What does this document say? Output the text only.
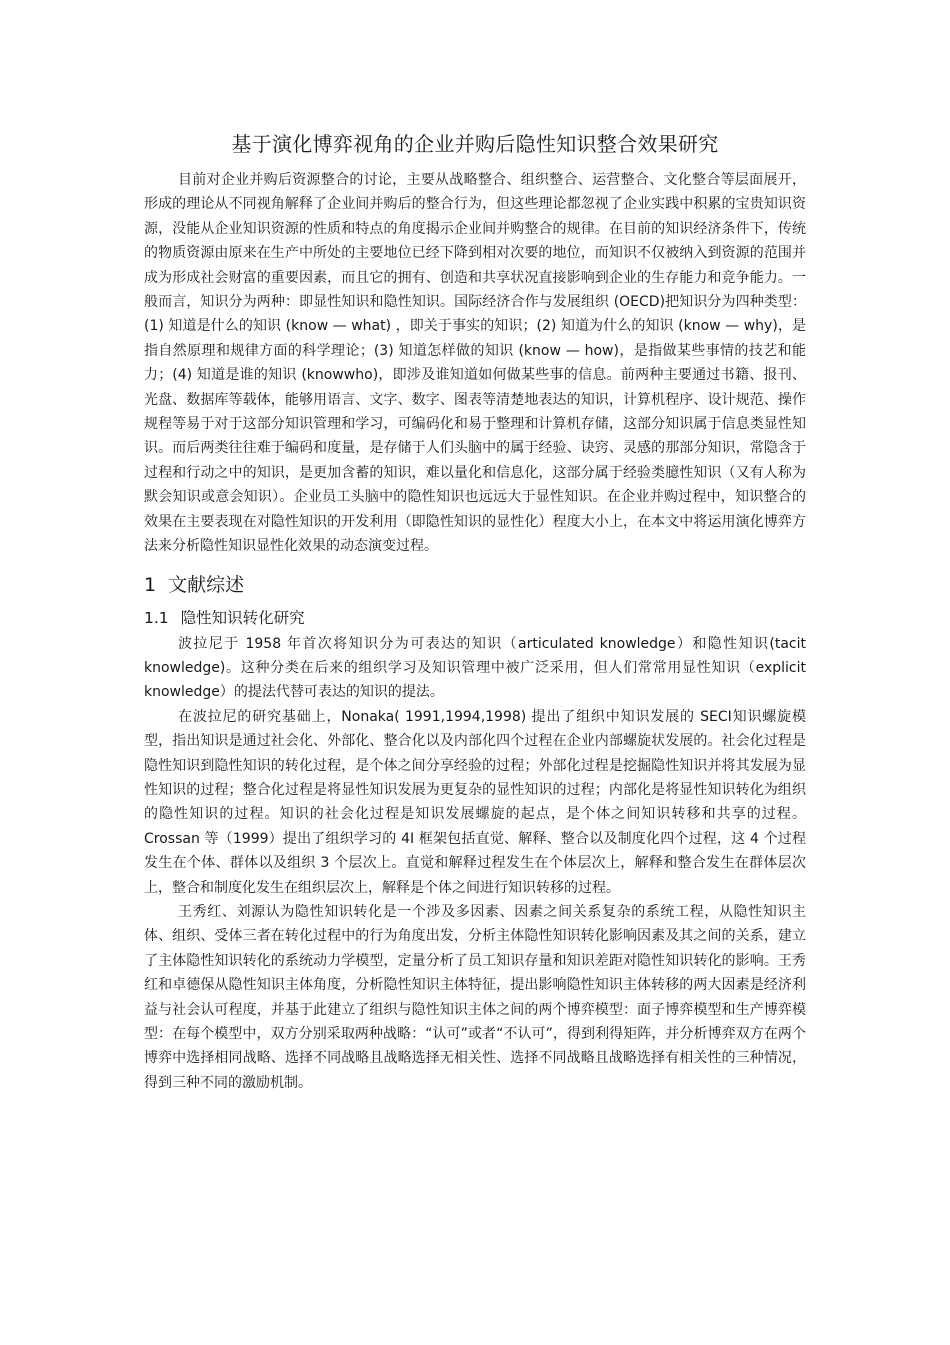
基于演化博弈视角的企业并购后隐性知识整合效果研究

目前对企业并购后资源整合的讨论，主要从战略整合、组织整合、运营整合、文化整合等层面展开，形成的理论从不同视角解释了企业间并购后的整合行为，但这些理论都忽视了企业实践中积累的宝贵知识资源，没能从企业知识资源的性质和特点的角度揭示企业间并购整合的规律。在目前的知识经济条件下，传统的物质资源由原来在生产中所处的主要地位已经下降到相对次要的地位，而知识不仅被纳入到资源的范围并成为形成社会财富的重要因素，而且它的拥有、创造和共享状况直接影响到企业的生存能力和竞争能力。一般而言，知识分为两种：即显性知识和隐性知识。国际经济合作与发展组织 (OECD)把知识分为四种类型：(1) 知道是什么的知识 (know — what) ，即关于事实的知识；(2) 知道为什么的知识 (know — why)，是指自然原理和规律方面的科学理论；(3) 知道怎样做的知识 (know — how)，是指做某些事情的技艺和能力；(4) 知道是谁的知识 (knowwho)，即涉及谁知道如何做某些事的信息。前两种主要通过书籍、报刊、光盘、数据库等载体，能够用语言、文字、数字、图表等清楚地表达的知识，计算机程序、设计规范、操作规程等易于对于这部分知识管理和学习，可编码化和易于整理和计算机存储，这部分知识属于信息类显性知识。而后两类往往难于编码和度量，是存储于人们头脑中的属于经验、诀窍、灵感的那部分知识，常隐含于过程和行动之中的知识，是更加含蓄的知识，难以量化和信息化，这部分属于经验类臆性知识（又有人称为默会知识或意会知识）。企业员工头脑中的隐性知识也远远大于显性知识。在企业并购过程中，知识整合的效果在主要表现在对隐性知识的开发利用（即隐性知识的显性化）程度大小上，在本文中将运用演化博弈方法来分析隐性知识显性化效果的动态演变过程。

1 文献综述
1.1 隐性知识转化研究

波拉尼于 1958 年首次将知识分为可表达的知识（articulated knowledge）和隐性知识(tacit knowledge)。这种分类在后来的组织学习及知识管理中被广泛采用，但人们常常用显性知识（explicit knowledge）的提法代替可表达的知识的提法。

在波拉尼的研究基础上，Nonaka( 1991,1994,1998) 提出了组织中知识发展的 SECI知识螺旋模型，指出知识是通过社会化、外部化、整合化以及内部化四个过程在企业内部螺旋状发展的。社会化过程是隐性知识到隐性知识的转化过程，是个体之间分享经验的过程；外部化过程是挖掘隐性知识并将其发展为显性知识的过程；整合化过程是将显性知识发展为更复杂的显性知识的过程；内部化是将显性知识转化为组织的隐性知识的过程。知识的社会化过程是知识发展螺旋的起点，是个体之间知识转移和共享的过程。Crossan 等（1999）提出了组织学习的 4I 框架包括直觉、解释、整合以及制度化四个过程，这 4 个过程发生在个体、群体以及组织 3 个层次上。直觉和解释过程发生在个体层次上，解释和整合发生在群体层次上，整合和制度化发生在组织层次上，解释是个体之间进行知识转移的过程。

王秀红、刘源认为隐性知识转化是一个涉及多因素、因素之间关系复杂的系统工程，从隐性知识主体、组织、受体三者在转化过程中的行为角度出发，分析主体隐性知识转化影响因素及其之间的关系，建立了主体隐性知识转化的系统动力学模型，定量分析了员工知识存量和知识差距对隐性知识转化的影响。王秀红和卓德保从隐性知识主体角度，分析隐性知识主体特征，提出影响隐性知识主体转移的两大因素是经济利益与社会认可程度，并基于此建立了组织与隐性知识主体之间的两个博弈模型：面子博弈模型和生产博弈模型：在每个模型中，双方分别采取两种战略：“认可”或者“不认可”，得到利得矩阵，并分析博弈双方在两个博弈中选择相同战略、选择不同战略且战略选择无相关性、选择不同战略且战略选择有相关性的三种情况，得到三种不同的激励机制。
